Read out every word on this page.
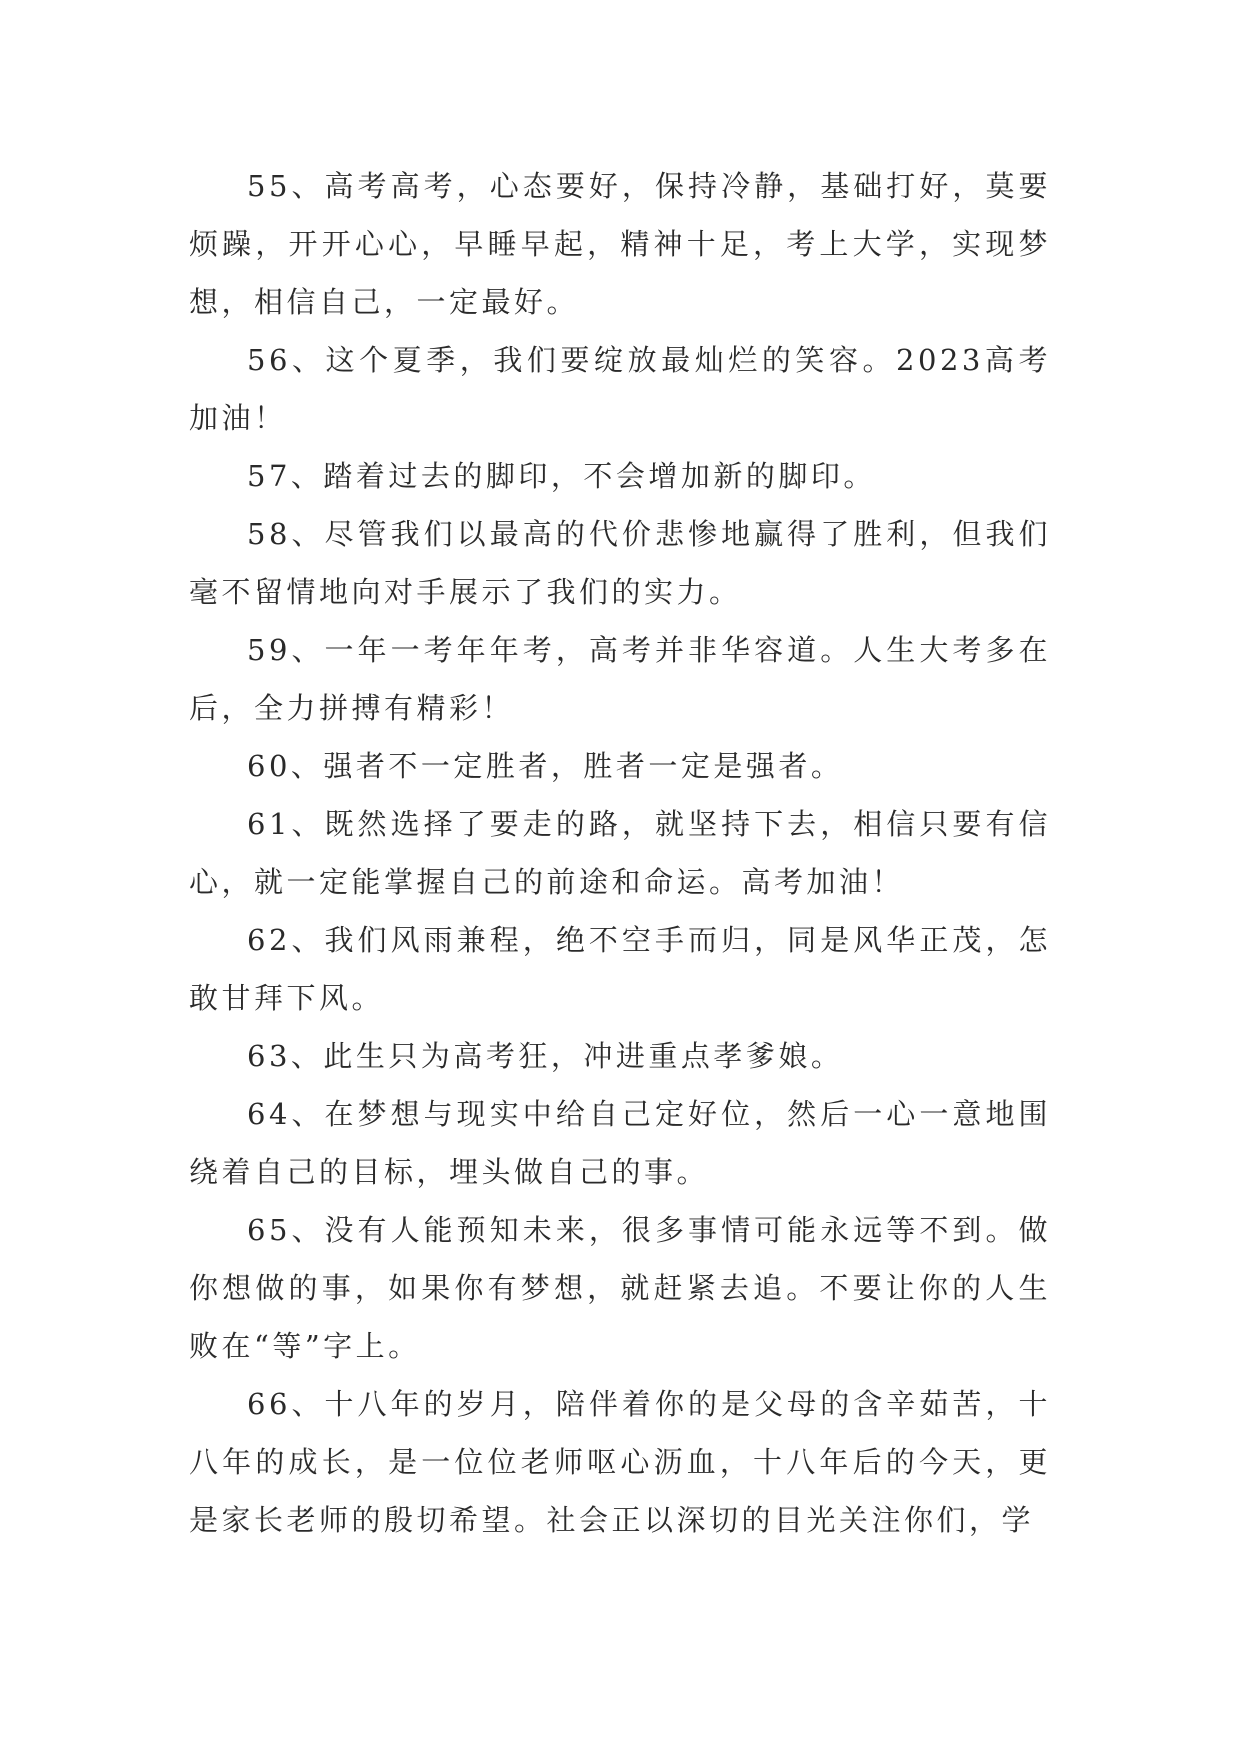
55、高考高考，心态要好，保持冷静，基础打好，莫要烦躁，开开心心，早睡早起，精神十足，考上大学，实现梦想，相信自己，一定最好。

56、这个夏季，我们要绽放最灿烂的笑容。2023高考加油！

57、踏着过去的脚印，不会增加新的脚印。

58、尽管我们以最高的代价悲惨地赢得了胜利，但我们毫不留情地向对手展示了我们的实力。

59、一年一考年年考，高考并非华容道。人生大考多在后，全力拼搏有精彩！

60、强者不一定胜者，胜者一定是强者。

61、既然选择了要走的路，就坚持下去，相信只要有信心，就一定能掌握自己的前途和命运。高考加油！

62、我们风雨兼程，绝不空手而归，同是风华正茂，怎敢甘拜下风。

63、此生只为高考狂，冲进重点孝爹娘。

64、在梦想与现实中给自己定好位，然后一心一意地围绕着自己的目标，埋头做自己的事。

65、没有人能预知未来，很多事情可能永远等不到。做你想做的事，如果你有梦想，就赶紧去追。不要让你的人生败在“等”字上。

66、十八年的岁月，陪伴着你的是父母的含辛茹苦，十八年的成长，是一位位老师呕心沥血，十八年后的今天，更是家长老师的殷切希望。社会正以深切的目光关注你们，学
